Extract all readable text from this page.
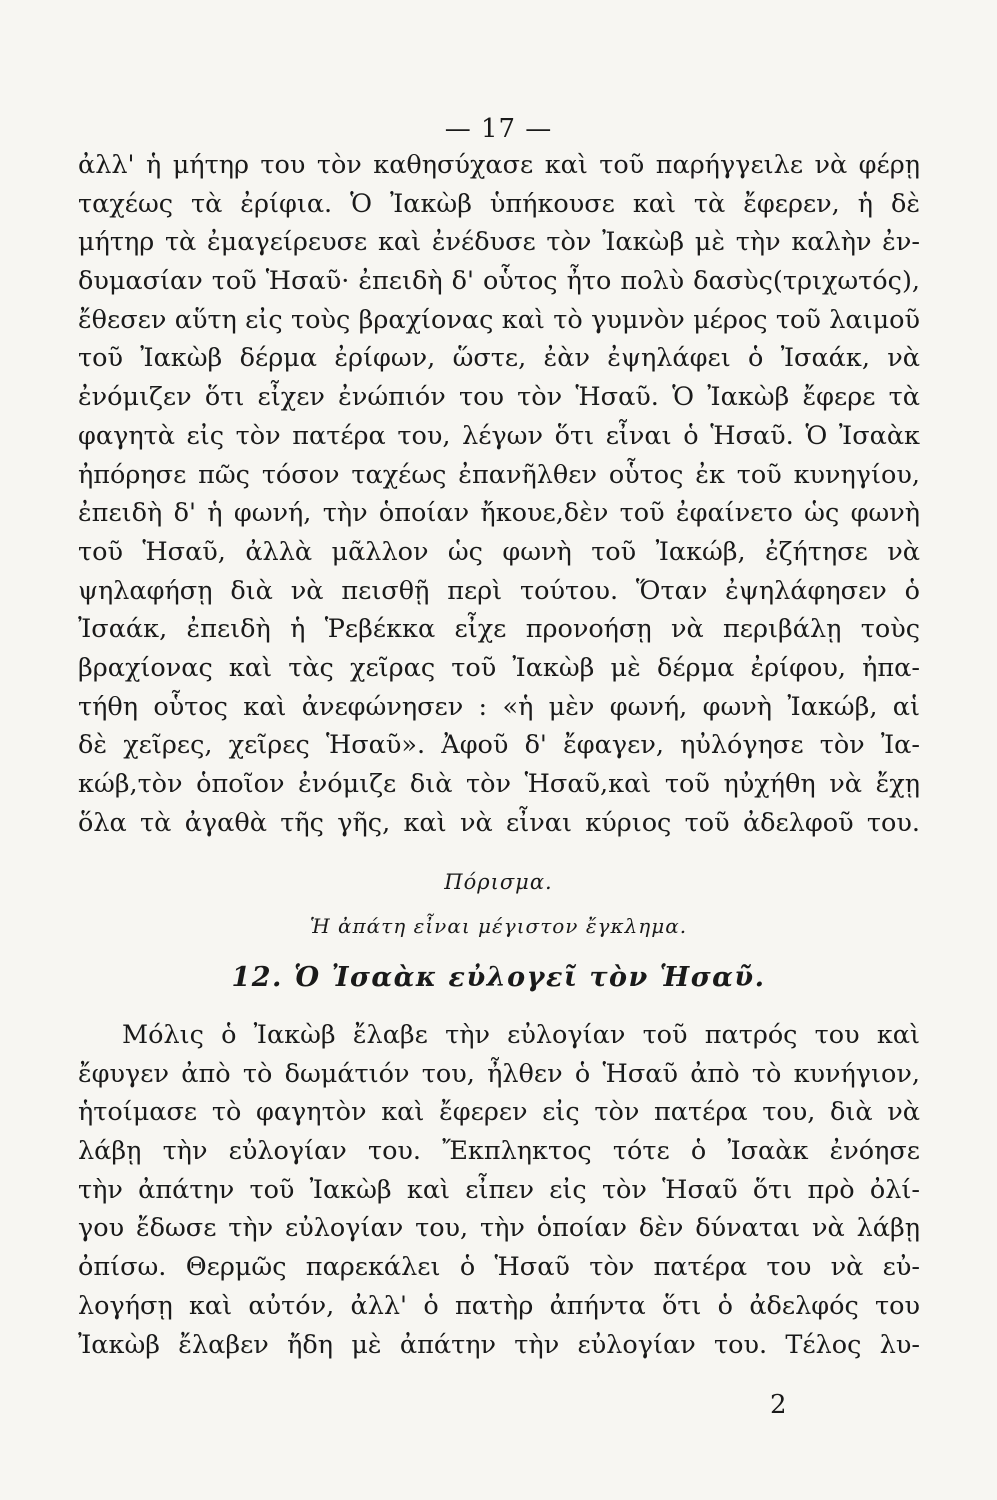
— 17 —
ἀλλ' ἡ μήτηρ του τὸν καθησύχασε καὶ τοῦ παρήγγειλε νὰ φέρῃ
ταχέως τὰ ἐρίφια. Ὁ Ἰακὼβ ὑπήκουσε καὶ τὰ ἔφερεν, ἡ δὲ
μήτηρ τὰ ἐμαγείρευσε καὶ ἐνέδυσε τὸν Ἰακὼβ μὲ τὴν καλὴν ἐν-
δυμασίαν τοῦ Ἡσαῦ· ἐπειδὴ δ' οὗτος ἦτο πολὺ δασὺς(τριχωτός),
ἔθεσεν αὕτη εἰς τοὺς βραχίονας καὶ τὸ γυμνὸν μέρος τοῦ λαιμοῦ
τοῦ Ἰακὼβ δέρμα ἐρίφων, ὥστε, ἐὰν ἐψηλάφει ὁ Ἰσαάκ, νὰ
ἐνόμιζεν ὅτι εἶχεν ἐνώπιόν του τὸν Ἡσαῦ. Ὁ Ἰακὼβ ἔφερε τὰ
φαγητὰ εἰς τὸν πατέρα του, λέγων ὅτι εἶναι ὁ Ἡσαῦ. Ὁ Ἰσαὰκ
ἠπόρησε πῶς τόσον ταχέως ἐπανῆλθεν οὗτος ἐκ τοῦ κυνηγίου,
ἐπειδὴ δ' ἡ φωνή, τὴν ὁποίαν ἤκουε,δὲν τοῦ ἐφαίνετο ὡς φωνὴ
τοῦ Ἡσαῦ, ἀλλὰ μᾶλλον ὡς φωνὴ τοῦ Ἰακώβ, ἐζήτησε νὰ
ψηλαφήσῃ διὰ νὰ πεισθῇ περὶ τούτου. Ὅταν ἐψηλάφησεν ὁ
Ἰσαάκ, ἐπειδὴ ἡ Ῥεβέκκα εἶχε προνοήσῃ νὰ περιβάλῃ τοὺς
βραχίονας καὶ τὰς χεῖρας τοῦ Ἰακὼβ μὲ δέρμα ἐρίφου, ἠπα-
τήθη οὗτος καὶ ἀνεφώνησεν : «ἡ μὲν φωνή, φωνὴ Ἰακώβ, αἱ
δὲ χεῖρες, χεῖρες Ἡσαῦ». Ἀφοῦ δ' ἔφαγεν, ηὐλόγησε τὸν Ἰα-
κώβ,τὸν ὁποῖον ἐνόμιζε διὰ τὸν Ἡσαῦ,καὶ τοῦ ηὐχήθη νὰ ἔχῃ
ὅλα τὰ ἀγαθὰ τῆς γῆς, καὶ νὰ εἶναι κύριος τοῦ ἀδελφοῦ του.
Πόρισμα.
Ἡ ἀπάτη εἶναι μέγιστον ἔγκλημα.
12. Ὁ Ἰσαὰκ εὐλογεῖ τὸν Ἡσαῦ.
Μόλις ὁ Ἰακὼβ ἔλαβε τὴν εὐλογίαν τοῦ πατρός του καὶ
ἔφυγεν ἀπὸ τὸ δωμάτιόν του, ἦλθεν ὁ Ἡσαῦ ἀπὸ τὸ κυνήγιον,
ἡτοίμασε τὸ φαγητὸν καὶ ἔφερεν εἰς τὸν πατέρα του, διὰ νὰ
λάβῃ τὴν εὐλογίαν του. Ἔκπληκτος τότε ὁ Ἰσαὰκ ἐνόησε
τὴν ἀπάτην τοῦ Ἰακὼβ καὶ εἶπεν εἰς τὸν Ἡσαῦ ὅτι πρὸ ὀλί-
γου ἔδωσε τὴν εὐλογίαν του, τὴν ὁποίαν δὲν δύναται νὰ λάβῃ
ὀπίσω. Θερμῶς παρεκάλει ὁ Ἡσαῦ τὸν πατέρα του νὰ εὐ-
λογήσῃ καὶ αὐτόν, ἀλλ' ὁ πατὴρ ἀπήντα ὅτι ὁ ἀδελφός του
Ἰακὼβ ἔλαβεν ἤδη μὲ ἀπάτην τὴν εὐλογίαν του. Τέλος λυ-
2
